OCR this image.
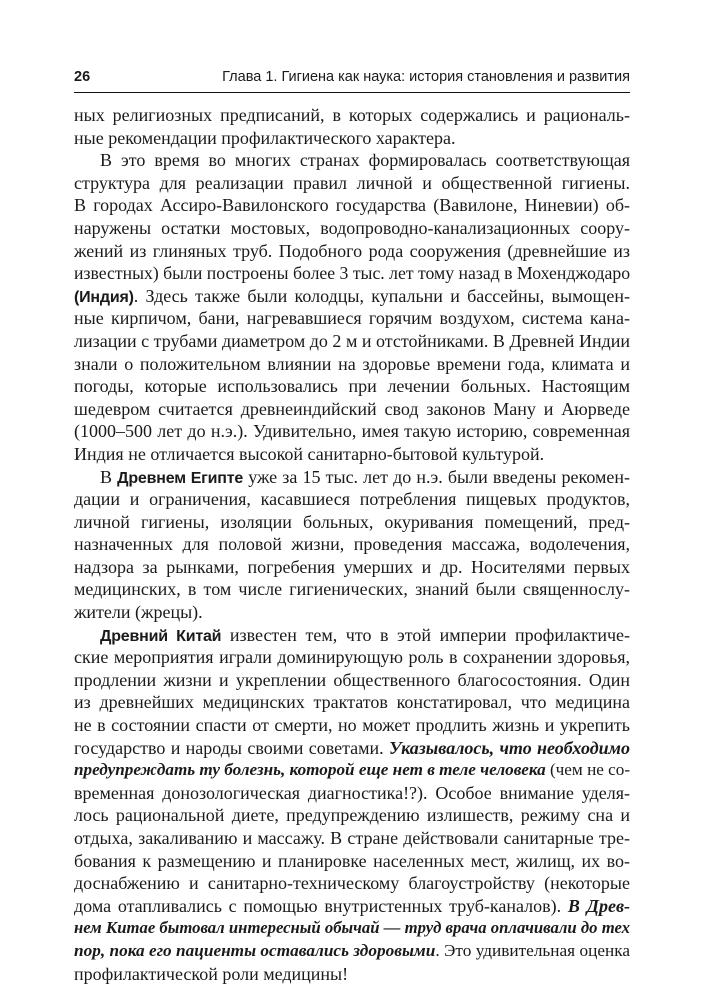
26	Глава 1. Гигиена как наука: история становления и развития
ных религиозных предписаний, в которых содержались и рациональ-
ные рекомендации профилактического характера.
В это время во многих странах формировалась соответствующая
структура для реализации правил личной и общественной гигиены.
В городах Ассиро-Вавилонского государства (Вавилоне, Ниневии) об-
наружены остатки мостовых, водопроводно-канализационных соору-
жений из глиняных труб. Подобного рода сооружения (древнейшие из
известных) были построены более 3 тыс. лет тому назад в Мохенджодаро
(Индия). Здесь также были колодцы, купальни и бассейны, вымощен-
ные кирпичом, бани, нагревавшиеся горячим воздухом, система кана-
лизации с трубами диаметром до 2 м и отстойниками. В Древней Индии
знали о положительном влиянии на здоровье времени года, климата и
погоды, которые использовались при лечении больных. Настоящим
шедевром считается древнеиндийский свод законов Ману и Аюрведе
(1000–500 лет до н.э.). Удивительно, имея такую историю, современная
Индия не отличается высокой санитарно-бытовой культурой.
В Древнем Египте уже за 15 тыс. лет до н.э. были введены рекомен-
дации и ограничения, касавшиеся потребления пищевых продуктов,
личной гигиены, изоляции больных, окуривания помещений, пред-
назначенных для половой жизни, проведения массажа, водолечения,
надзора за рынками, погребения умерших и др. Носителями первых
медицинских, в том числе гигиенических, знаний были священнослу-
жители (жрецы).
Древний Китай известен тем, что в этой империи профилактиче-
ские мероприятия играли доминирующую роль в сохранении здоровья,
продлении жизни и укреплении общественного благосостояния. Один
из древнейших медицинских трактатов констатировал, что медицина
не в состоянии спасти от смерти, но может продлить жизнь и укрепить
государство и народы своими советами. Указывалось, что необходимо
предупреждать ту болезнь, которой еще нет в теле человека (чем не со-
временная донозологическая диагностика!?). Особое внимание уделя-
лось рациональной диете, предупреждению излишеств, режиму сна и
отдыха, закаливанию и массажу. В стране действовали санитарные тре-
бования к размещению и планировке населенных мест, жилищ, их во-
доснабжению и санитарно-техническому благоустройству (некоторые
дома отапливались с помощью внутристенных труб-каналов). В Древ-
нем Китае бытовал интересный обычай — труд врача оплачивали до тех
пор, пока его пациенты оставались здоровыми. Это удивительная оценка
профилактической роли медицины!
